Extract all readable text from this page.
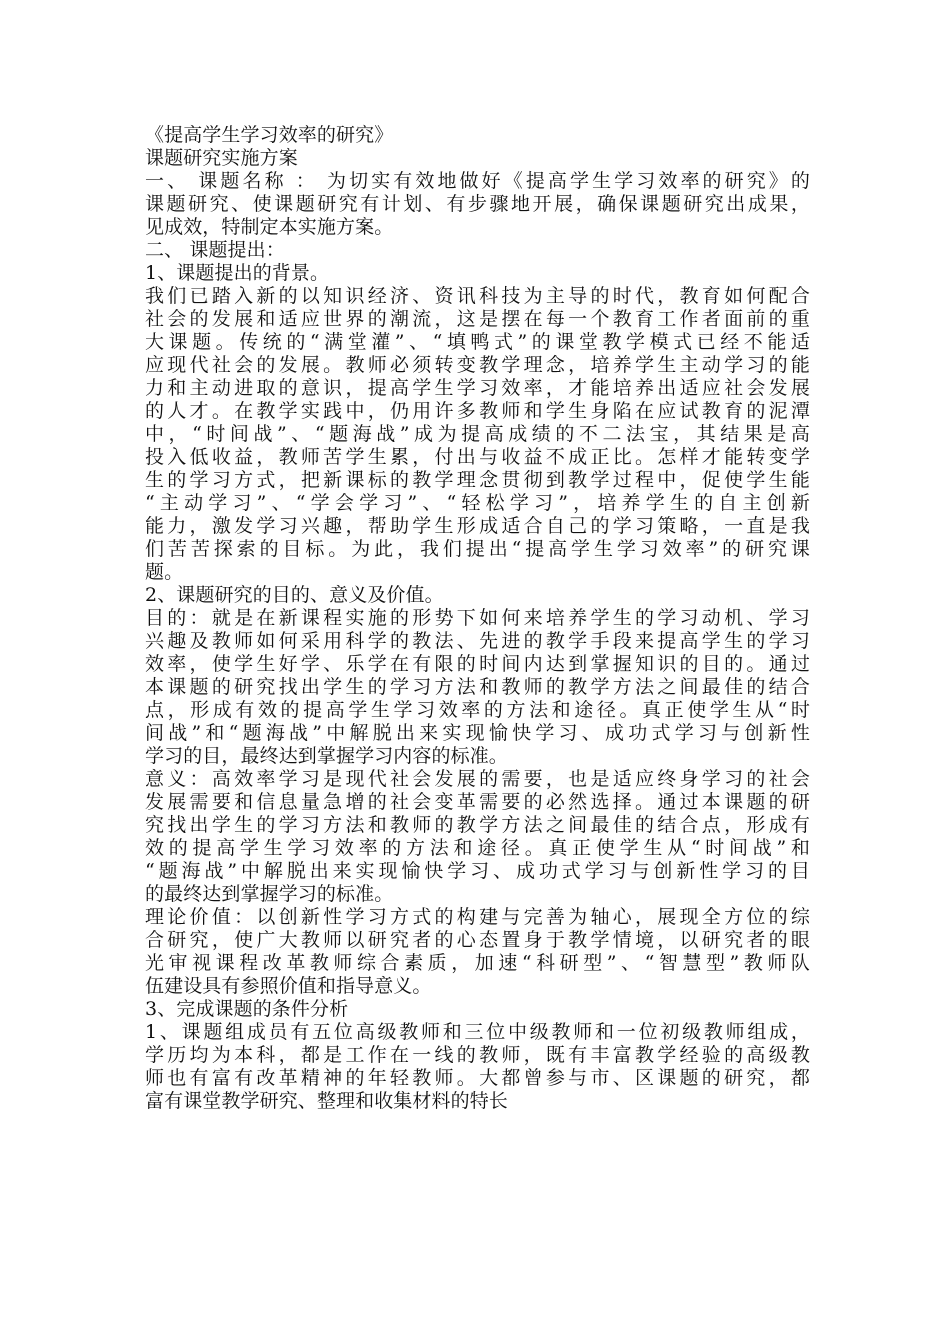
《提高学生学习效率的研究》
课题研究实施方案
一、 课题名称 ： 为切实有效地做好《提高学生学习效率的研究》的
课题研究、使课题研究有计划、有步骤地开展，确保课题研究出成果，
见成效，特制定本实施方案。
二、 课题提出：
1、课题提出的背景。
我们已踏入新的以知识经济、资讯科技为主导的时代，教育如何配合
社会的发展和适应世界的潮流，这是摆在每一个教育工作者面前的重
大课题。传统的“满堂灌”、“填鸭式”的课堂教学模式已经不能适
应现代社会的发展。教师必须转变教学理念，培养学生主动学习的能
力和主动进取的意识，提高学生学习效率，才能培养出适应社会发展
的人才。在教学实践中，仍用许多教师和学生身陷在应试教育的泥潭
中，“时间战”、“题海战”成为提高成绩的不二法宝，其结果是高
投入低收益，教师苦学生累，付出与收益不成正比。怎样才能转变学
生的学习方式，把新课标的教学理念贯彻到教学过程中，促使学生能
“主动学习”、“学会学习”、“轻松学习”，培养学生的自主创新
能力，激发学习兴趣，帮助学生形成适合自己的学习策略，一直是我
们苦苦探索的目标。为此，我们提出“提高学生学习效率”的研究课
题。
2、课题研究的目的、意义及价值。
目的：就是在新课程实施的形势下如何来培养学生的学习动机、学习
兴趣及教师如何采用科学的教法、先进的教学手段来提高学生的学习
效率，使学生好学、乐学在有限的时间内达到掌握知识的目的。通过
本课题的研究找出学生的学习方法和教师的教学方法之间最佳的结合
点，形成有效的提高学生学习效率的方法和途径。真正使学生从“时
间战”和“题海战”中解脱出来实现愉快学习、成功式学习与创新性
学习的目，最终达到掌握学习内容的标准。
意义：高效率学习是现代社会发展的需要，也是适应终身学习的社会
发展需要和信息量急增的社会变革需要的必然选择。通过本课题的研
究找出学生的学习方法和教师的教学方法之间最佳的结合点，形成有
效的提高学生学习效率的方法和途径。真正使学生从“时间战”和
“题海战”中解脱出来实现愉快学习、成功式学习与创新性学习的目
的最终达到掌握学习的标准。
理论价值：以创新性学习方式的构建与完善为轴心，展现全方位的综
合研究，使广大教师以研究者的心态置身于教学情境，以研究者的眼
光审视课程改革教师综合素质，加速“科研型”、“智慧型”教师队
伍建设具有参照价值和指导意义。
3、完成课题的条件分析
1、课题组成员有五位高级教师和三位中级教师和一位初级教师组成，
学历均为本科，都是工作在一线的教师，既有丰富教学经验的高级教
师也有富有改革精神的年轻教师。大都曾参与市、区课题的研究，都
富有课堂教学研究、整理和收集材料的特长
